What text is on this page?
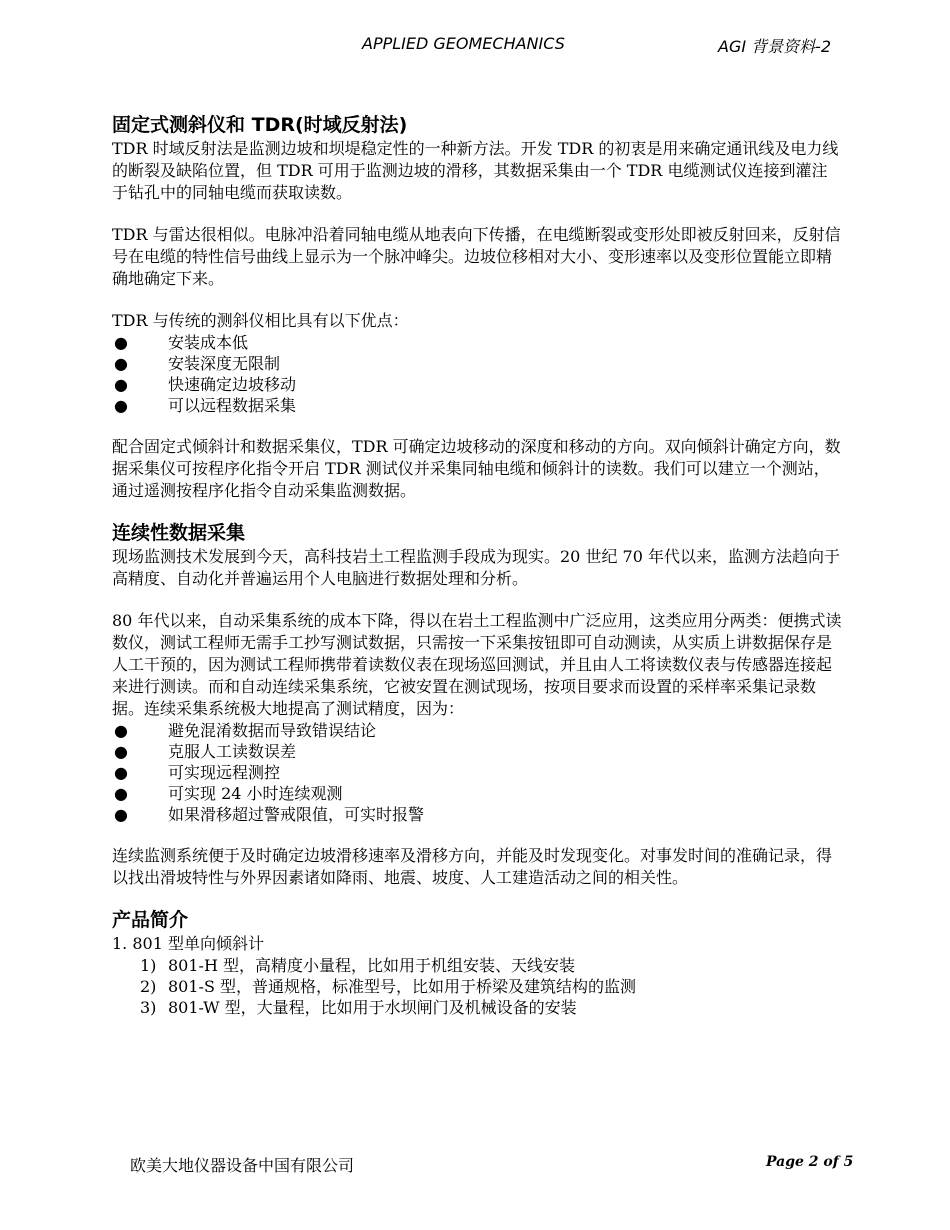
APPLIED GEOMECHANICS	AGI 背景资料-2
固定式测斜仪和 TDR(时域反射法)

TDR 时域反射法是监测边坡和坝堤稳定性的一种新方法。开发 TDR 的初衷是用来确定通讯线及电力线的断裂及缺陷位置，但 TDR 可用于监测边坡的滑移，其数据采集由一个 TDR 电缆测试仪连接到灌注于钻孔中的同轴电缆而获取读数。

TDR 与雷达很相似。电脉冲沿着同轴电缆从地表向下传播，在电缆断裂或变形处即被反射回来，反射信号在电缆的特性信号曲线上显示为一个脉冲峰尖。边坡位移相对大小、变形速率以及变形位置能立即精确地确定下来。

TDR 与传统的测斜仪相比具有以下优点：

●	安装成本低
●	安装深度无限制
●	快速确定边坡移动
●	可以远程数据采集

配合固定式倾斜计和数据采集仪，TDR 可确定边坡移动的深度和移动的方向。双向倾斜计确定方向，数据采集仪可按程序化指令开启 TDR 测试仪并采集同轴电缆和倾斜计的读数。我们可以建立一个测站，通过遥测按程序化指令自动采集监测数据。

连续性数据采集

现场监测技术发展到今天，高科技岩土工程监测手段成为现实。20 世纪 70 年代以来，监测方法趋向于高精度、自动化并普遍运用个人电脑进行数据处理和分析。

80 年代以来，自动采集系统的成本下降，得以在岩土工程监测中广泛应用，这类应用分两类：便携式读数仪，测试工程师无需手工抄写测试数据，只需按一下采集按钮即可自动测读，从实质上讲数据保存是人工干预的，因为测试工程师携带着读数仪表在现场巡回测试，并且由人工将读数仪表与传感器连接起来进行测读。而和自动连续采集系统，它被安置在测试现场，按项目要求而设置的采样率采集记录数据。连续采集系统极大地提高了测试精度，因为：

●	避免混淆数据而导致错误结论
●	克服人工读数误差
●	可实现远程测控
●	可实现 24 小时连续观测
●	如果滑移超过警戒限值，可实时报警

连续监测系统便于及时确定边坡滑移速率及滑移方向，并能及时发现变化。对事发时间的准确记录，得以找出滑坡特性与外界因素诸如降雨、地震、坡度、人工建造活动之间的相关性。

产品简介

1. 801 型单向倾斜计

1) 801-H 型，高精度小量程，比如用于机组安装、天线安装
2) 801-S 型，普通规格，标准型号，比如用于桥梁及建筑结构的监测
3) 801-W 型，大量程，比如用于水坝闸门及机械设备的安装
欧美大地仪器设备中国有限公司	Page 2 of 5
